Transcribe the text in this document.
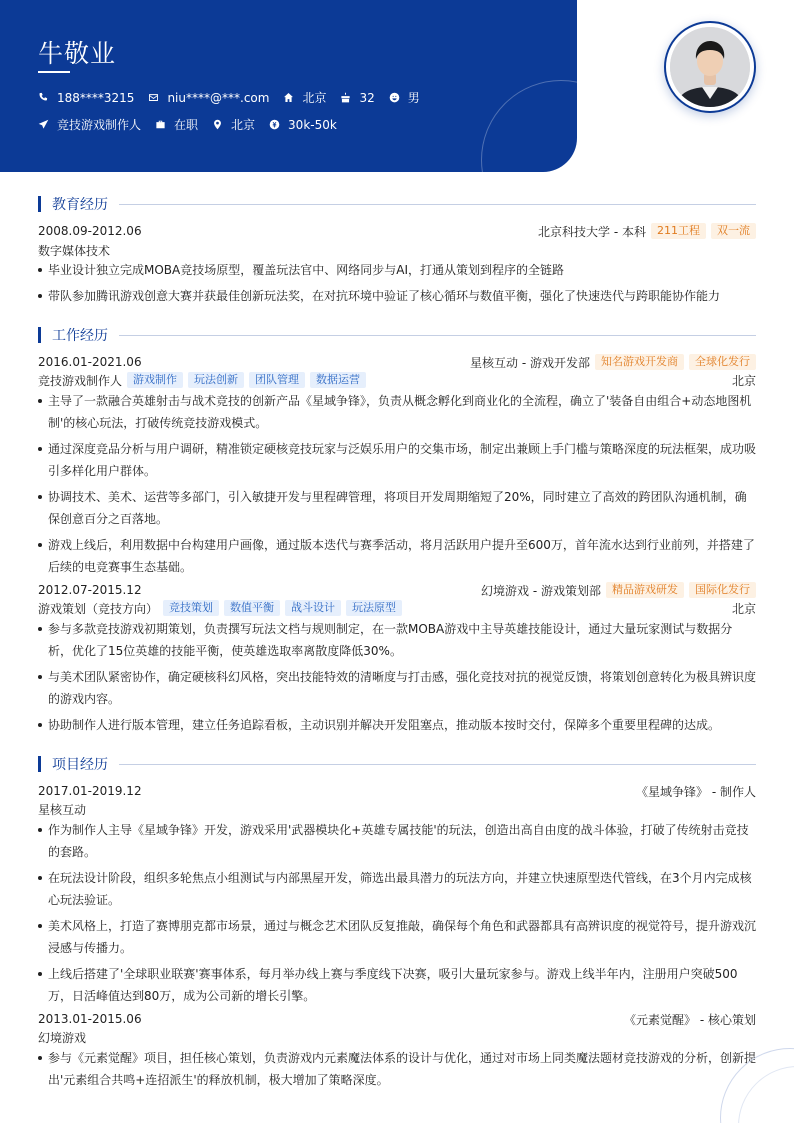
牛敬业
188****3215	niu****@***.com	北京	32	男
竞技游戏制作人	在职	北京	30k-50k
教育经历
2008.09-2012.06	北京科技大学 - 本科	211工程	双一流
数字媒体技术
毕业设计独立完成MOBA竞技场原型，覆盖玩法官中、网络同步与AI，打通从策划到程序的全链路
带队参加腾讯游戏创意大赛并获最佳创新玩法奖，在对抗环境中验证了核心循环与数值平衡，强化了快速迭代与跨职能协作能力
工作经历
2016.01-2021.06	星核互动 - 游戏开发部	知名游戏开发商	全球化发行
竞技游戏制作人	游戏制作	玩法创新	团队管理	数据运营	北京
主导了一款融合英雄射击与战术竞技的创新产品《星域争锋》，负责从概念孵化到商业化的全流程，确立了'装备自由组合+动态地图机制'的核心玩法，打破传统竞技游戏模式。
通过深度竞品分析与用户调研，精准锁定硬核竞技玩家与泛娱乐用户的交集市场，制定出兼顾上手门槛与策略深度的玩法框架，成功吸引多样化用户群体。
协调技术、美术、运营等多部门，引入敏捷开发与里程碑管理，将项目开发周期缩短了20%，同时建立了高效的跨团队沟通机制，确保创意百分之百落地。
游戏上线后，利用数据中台构建用户画像，通过版本迭代与赛季活动，将月活跃用户提升至600万，首年流水达到行业前列，并搭建了后续的电竞赛事生态基础。
2012.07-2015.12	幻境游戏 - 游戏策划部	精品游戏研发	国际化发行
游戏策划（竞技方向）	竞技策划	数值平衡	战斗设计	玩法原型	北京
参与多款竞技游戏初期策划，负责撰写玩法文档与规则制定，在一款MOBA游戏中主导英雄技能设计，通过大量玩家测试与数据分析，优化了15位英雄的技能平衡，使英雄选取率离散度降低30%。
与美术团队紧密协作，确定硬核科幻风格，突出技能特效的清晰度与打击感，强化竞技对抗的视觉反馈，将策划创意转化为极具辨识度的游戏内容。
协助制作人进行版本管理，建立任务追踪看板，主动识别并解决开发阻塞点，推动版本按时交付，保障多个重要里程碑的达成。
项目经历
2017.01-2019.12	《星域争锋》 - 制作人
星核互动
作为制作人主导《星域争锋》开发，游戏采用'武器模块化+英雄专属技能'的玩法，创造出高自由度的战斗体验，打破了传统射击竞技的套路。
在玩法设计阶段，组织多轮焦点小组测试与内部黑屋开发，筛选出最具潜力的玩法方向，并建立快速原型迭代管线，在3个月内完成核心玩法验证。
美术风格上，打造了赛博朋克都市场景，通过与概念艺术团队反复推敲，确保每个角色和武器都具有高辨识度的视觉符号，提升游戏沉浸感与传播力。
上线后搭建了'全球职业联赛'赛事体系，每月举办线上赛与季度线下决赛，吸引大量玩家参与。游戏上线半年内，注册用户突破500万，日活峰值达到80万，成为公司新的增长引擎。
2013.01-2015.06	《元素觉醒》 - 核心策划
幻境游戏
参与《元素觉醒》项目，担任核心策划，负责游戏内元素魔法体系的设计与优化，通过对市场上同类魔法题材竞技游戏的分析，创新提出'元素组合共鸣+连招派生'的释放机制，极大增加了策略深度。
